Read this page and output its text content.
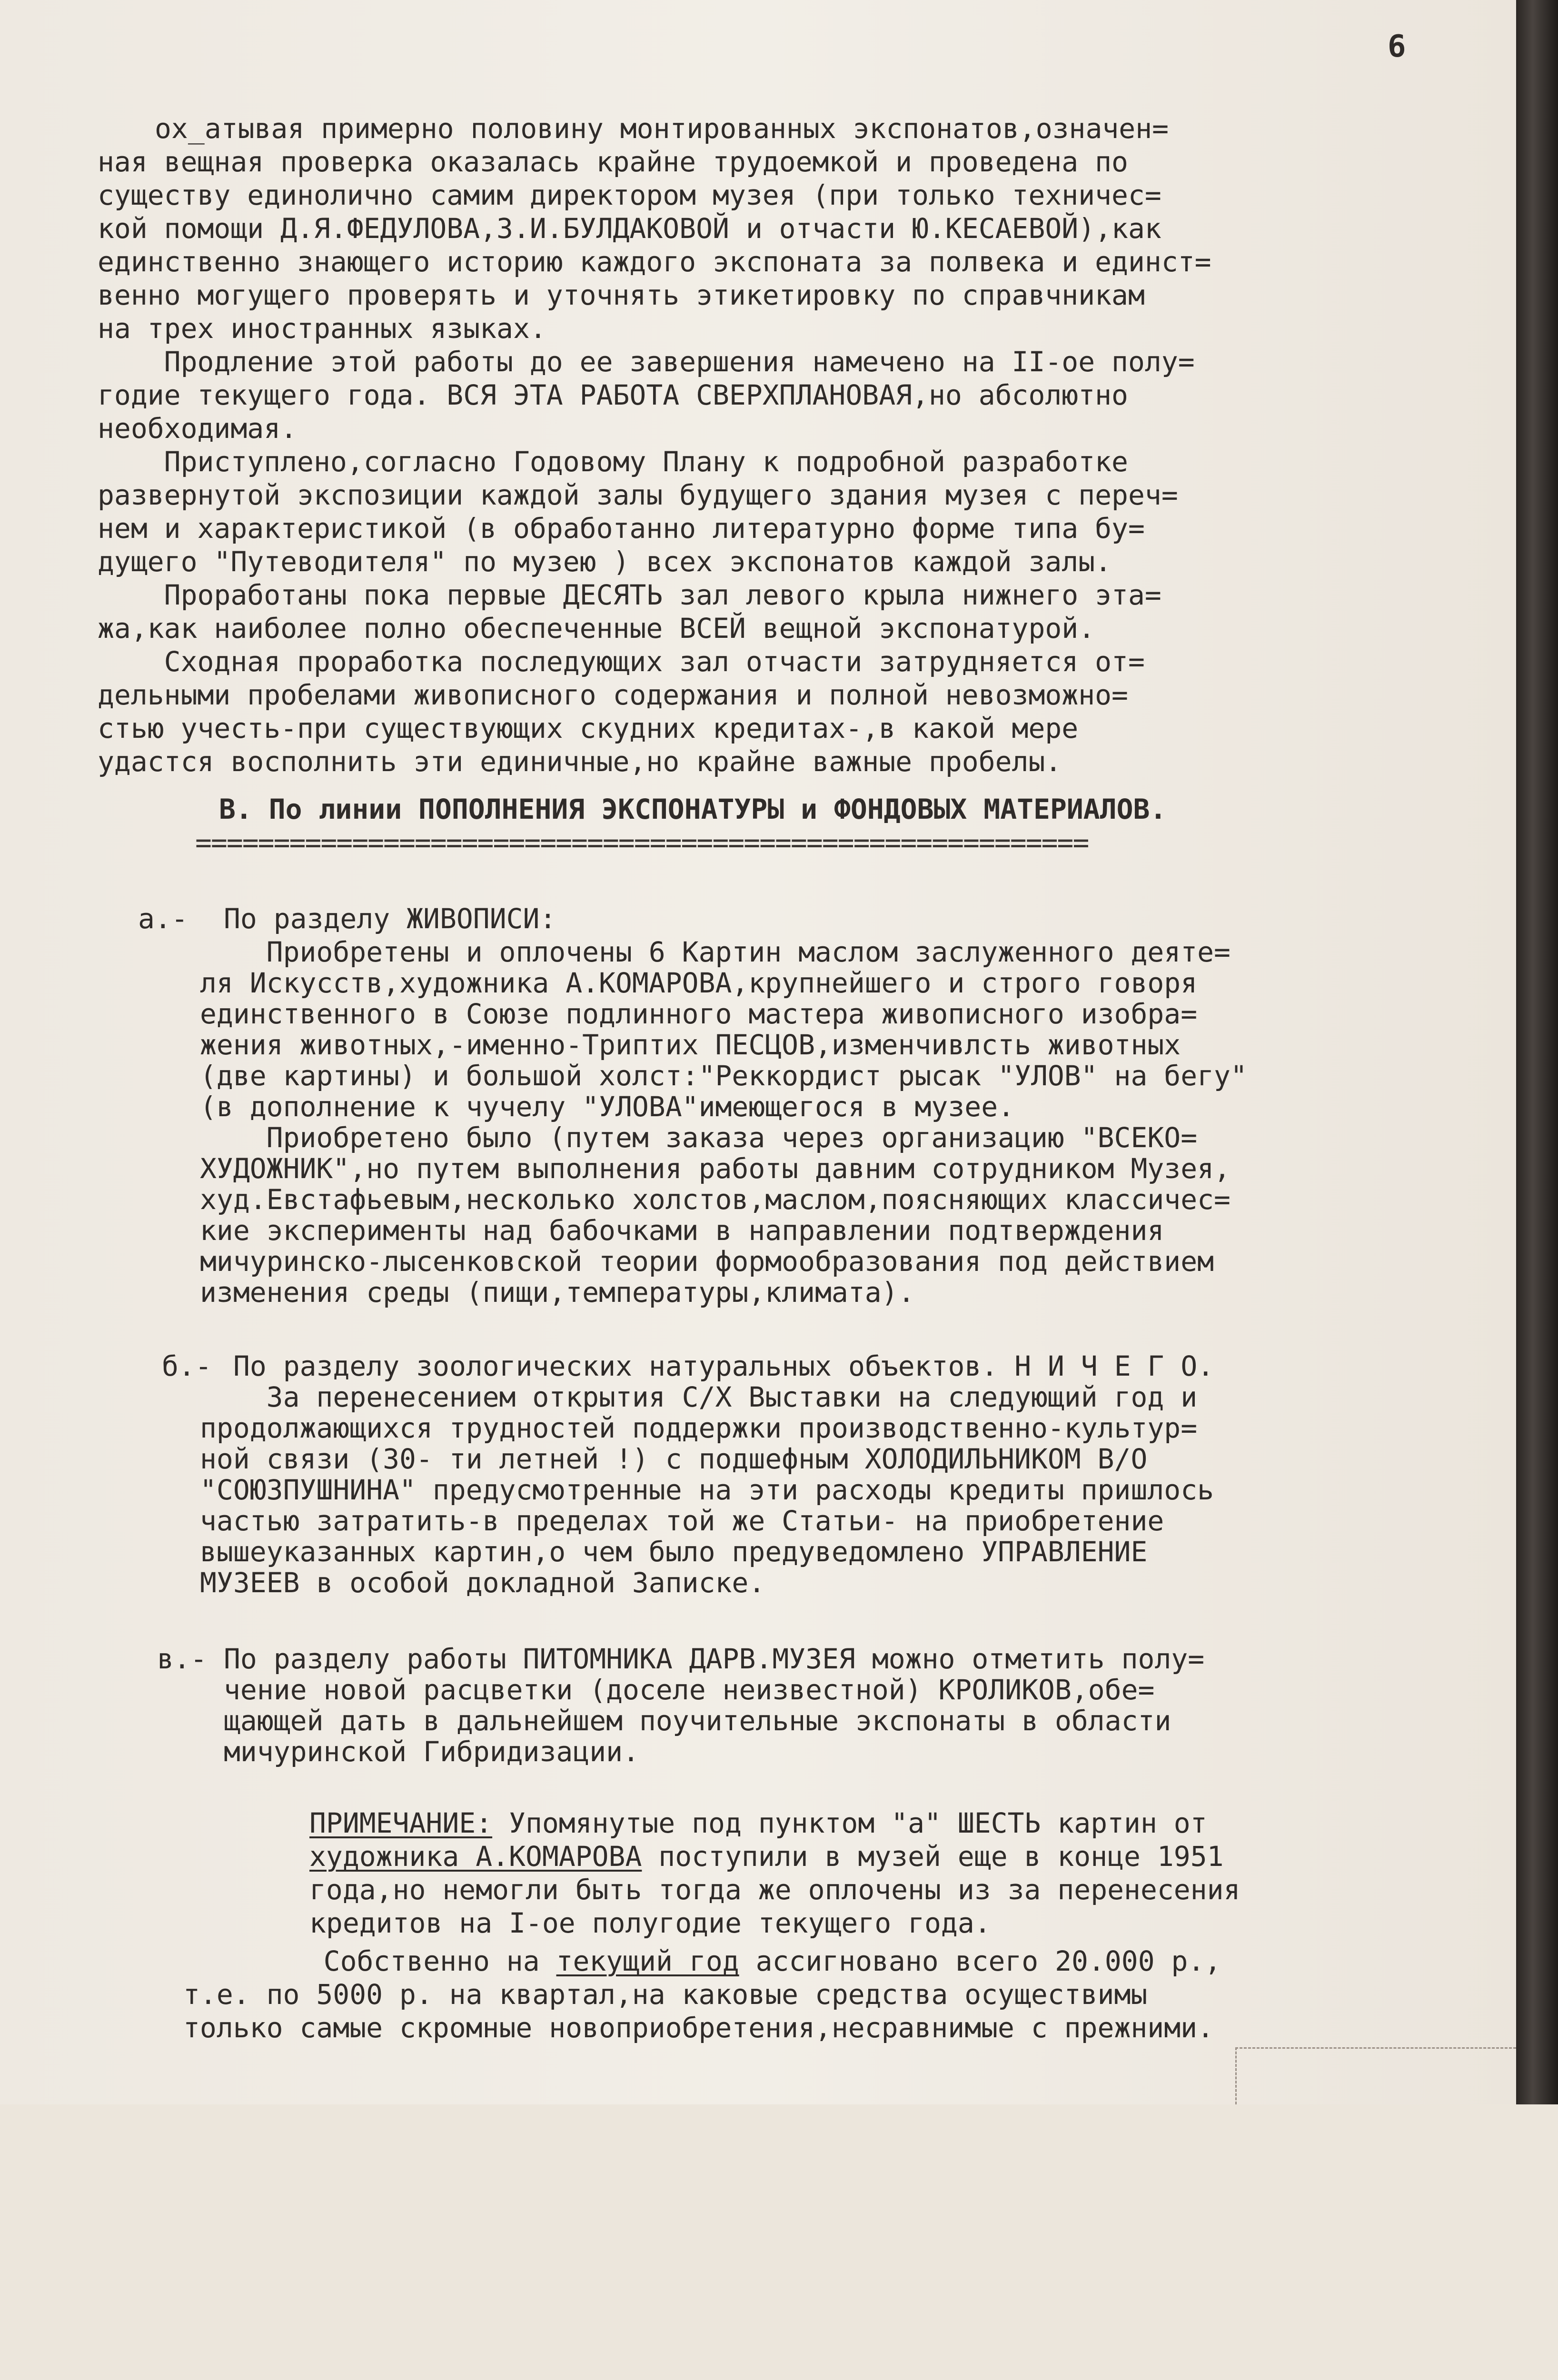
6

ох_атывая примерно половину монтированных экспонатов,означен=

ная вещная проверка оказалась крайне трудоемкой и проведена по

существу единолично самим директором музея (при только техничес=

кой помощи Д.Я.ФЕДУЛОВА,З.И.БУЛДАКОВОЙ и отчасти Ю.КЕСАЕВОЙ),как

единственно знающего историю каждого экспоната за полвека и единст=

венно могущего проверять и уточнять этикетировку по справчникам

на трех иностранных языках.

Продление этой работы до ее завершения намечено на II-ое полу=

годие текущего года. ВСЯ ЭТА РАБОТА СВЕРХПЛАНОВАЯ,но абсолютно

необходимая.

Приступлено,согласно Годовому Плану к подробной разработке

развернутой экспозиции каждой залы будущего здания музея с переч=

нем и характеристикой (в обработанно литературно форме типа бу=

дущего "Путеводителя" по музею ) всех экспонатов каждой залы.

Проработаны пока первые ДЕСЯТЬ зал левого крыла нижнего эта=

жа,как наиболее полно обеспеченные ВСЕЙ вещной экспонатурой.

Сходная проработка последующих зал отчасти затрудняется от=

дельными пробелами живописного содержания и полной невозможно=

стью учесть-при существующих скудних кредитах-,в какой мере

удастся восполнить эти единичные,но крайне важные пробелы.

В. По линии ПОПОЛНЕНИЯ ЭКСПОНАТУРЫ и ФОНДОВЫХ МАТЕРИАЛОВ.

=========================================================

а.-

По разделу ЖИВОПИСИ:

Приобретены и оплочены 6 Картин маслом заслуженного деяте=

ля Искусств,художника А.КОМАРОВА,крупнейшего и строго говоря

единственного в Союзе подлинного мастера живописного изобра=

жения животных,-именно-Триптих ПЕСЦОВ,изменчивлсть животных

(две картины) и большой холст:"Реккордист рысак "УЛОВ" на бегу"

(в дополнение к чучелу "УЛОВА"имеющегося в музее.

Приобретено было (путем заказа через организацию "ВСЕКО=

ХУДОЖНИК",но путем выполнения работы давним сотрудником Музея,

худ.Евстафьевым,несколько холстов,маслом,поясняющих классичес=

кие эксперименты над бабочками в направлении подтверждения

мичуринско-лысенковской теории формообразования под действием

изменения среды (пищи,температуры,климата).

б.-

По разделу зоологических натуральных объектов. Н И Ч Е Г О.

За перенесением открытия С/Х Выставки на следующий год и

продолжающихся трудностей поддержки производственно-культур=

ной связи (30- ти летней !) с подшефным ХОЛОДИЛЬНИКОМ В/О

"СОЮЗПУШНИНА" предусмотренные на эти расходы кредиты пришлось

частью затратить-в пределах той же Статьи- на приобретение

вышеуказанных картин,о чем было предуведомлено УПРАВЛЕНИЕ

МУЗЕЕВ в особой докладной Записке.

в.-

По разделу работы ПИТОМНИКА ДАРВ.МУЗЕЯ можно отметить полу=

чение новой расцветки (доселе неизвестной) КРОЛИКОВ,обе=

щающей дать в дальнейшем поучительные экспонаты в области

мичуринской Гибридизации.

ПРИМЕЧАНИЕ: Упомянутые под пунктом "а" ШЕСТЬ картин от

художника А.КОМАРОВА поступили в музей еще в конце 1951

года,но немогли быть тогда же оплочены из за перенесения

кредитов на I-ое полугодие текущего года.

Собственно на текущий год ассигновано всего 20.000 р.,

т.е. по 5000 р. на квартал,на каковые средства осуществимы

только самые скромные новоприобретения,несравнимые с прежними.
